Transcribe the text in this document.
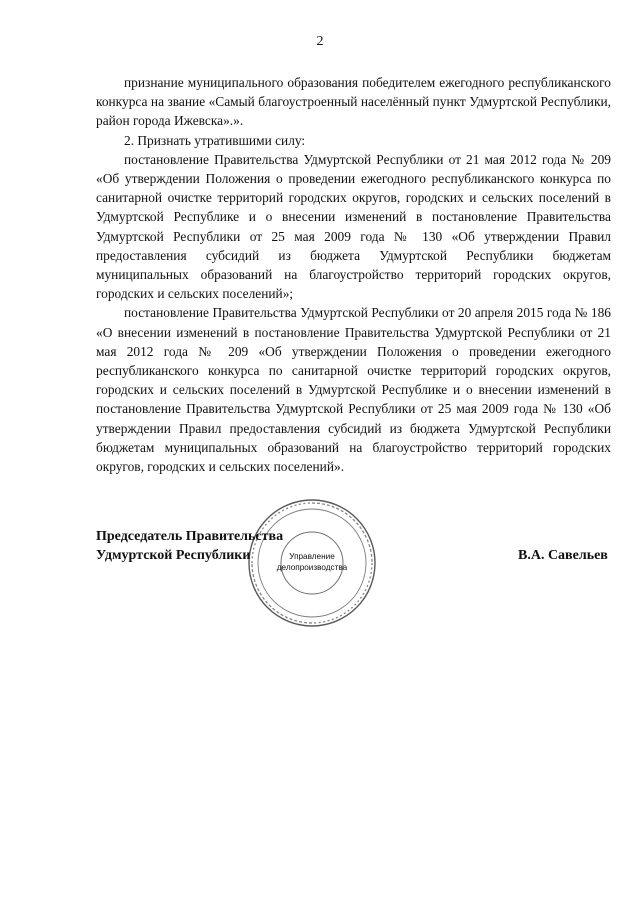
2

признание муниципального образования победителем ежегодного республиканского конкурса на звание «Самый благоустроенный населённый пункт Удмуртской Республики, район города Ижевска».».

2. Признать утратившими силу:

постановление Правительства Удмуртской Республики от 21 мая 2012 года № 209 «Об утверждении Положения о проведении ежегодного республиканского конкурса по санитарной очистке территорий городских округов, городских и сельских поселений в Удмуртской Республике и о внесении изменений в постановление Правительства Удмуртской Республики от 25 мая 2009 года № 130 «Об утверждении Правил предоставления субсидий из бюджета Удмуртской Республики бюджетам муниципальных образований на благоустройство территорий городских округов, городских и сельских поселений»;

постановление Правительства Удмуртской Республики от 20 апреля 2015 года № 186 «О внесении изменений в постановление Правительства Удмуртской Республики от 21 мая 2012 года № 209 «Об утверждении Положения о проведении ежегодного республиканского конкурса по санитарной очистке территорий городских округов, городских и сельских поселений в Удмуртской Республике и о внесении изменений в постановление Правительства Удмуртской Республики от 25 мая 2009 года № 130 «Об утверждении Правил предоставления субсидий из бюджета Удмуртской Республики бюджетам муниципальных образований на благоустройство территорий городских округов, городских и сельских поселений».

Председатель Правительства
Удмуртской Республики	В.А. Савельев
Управление
делопроизводства
